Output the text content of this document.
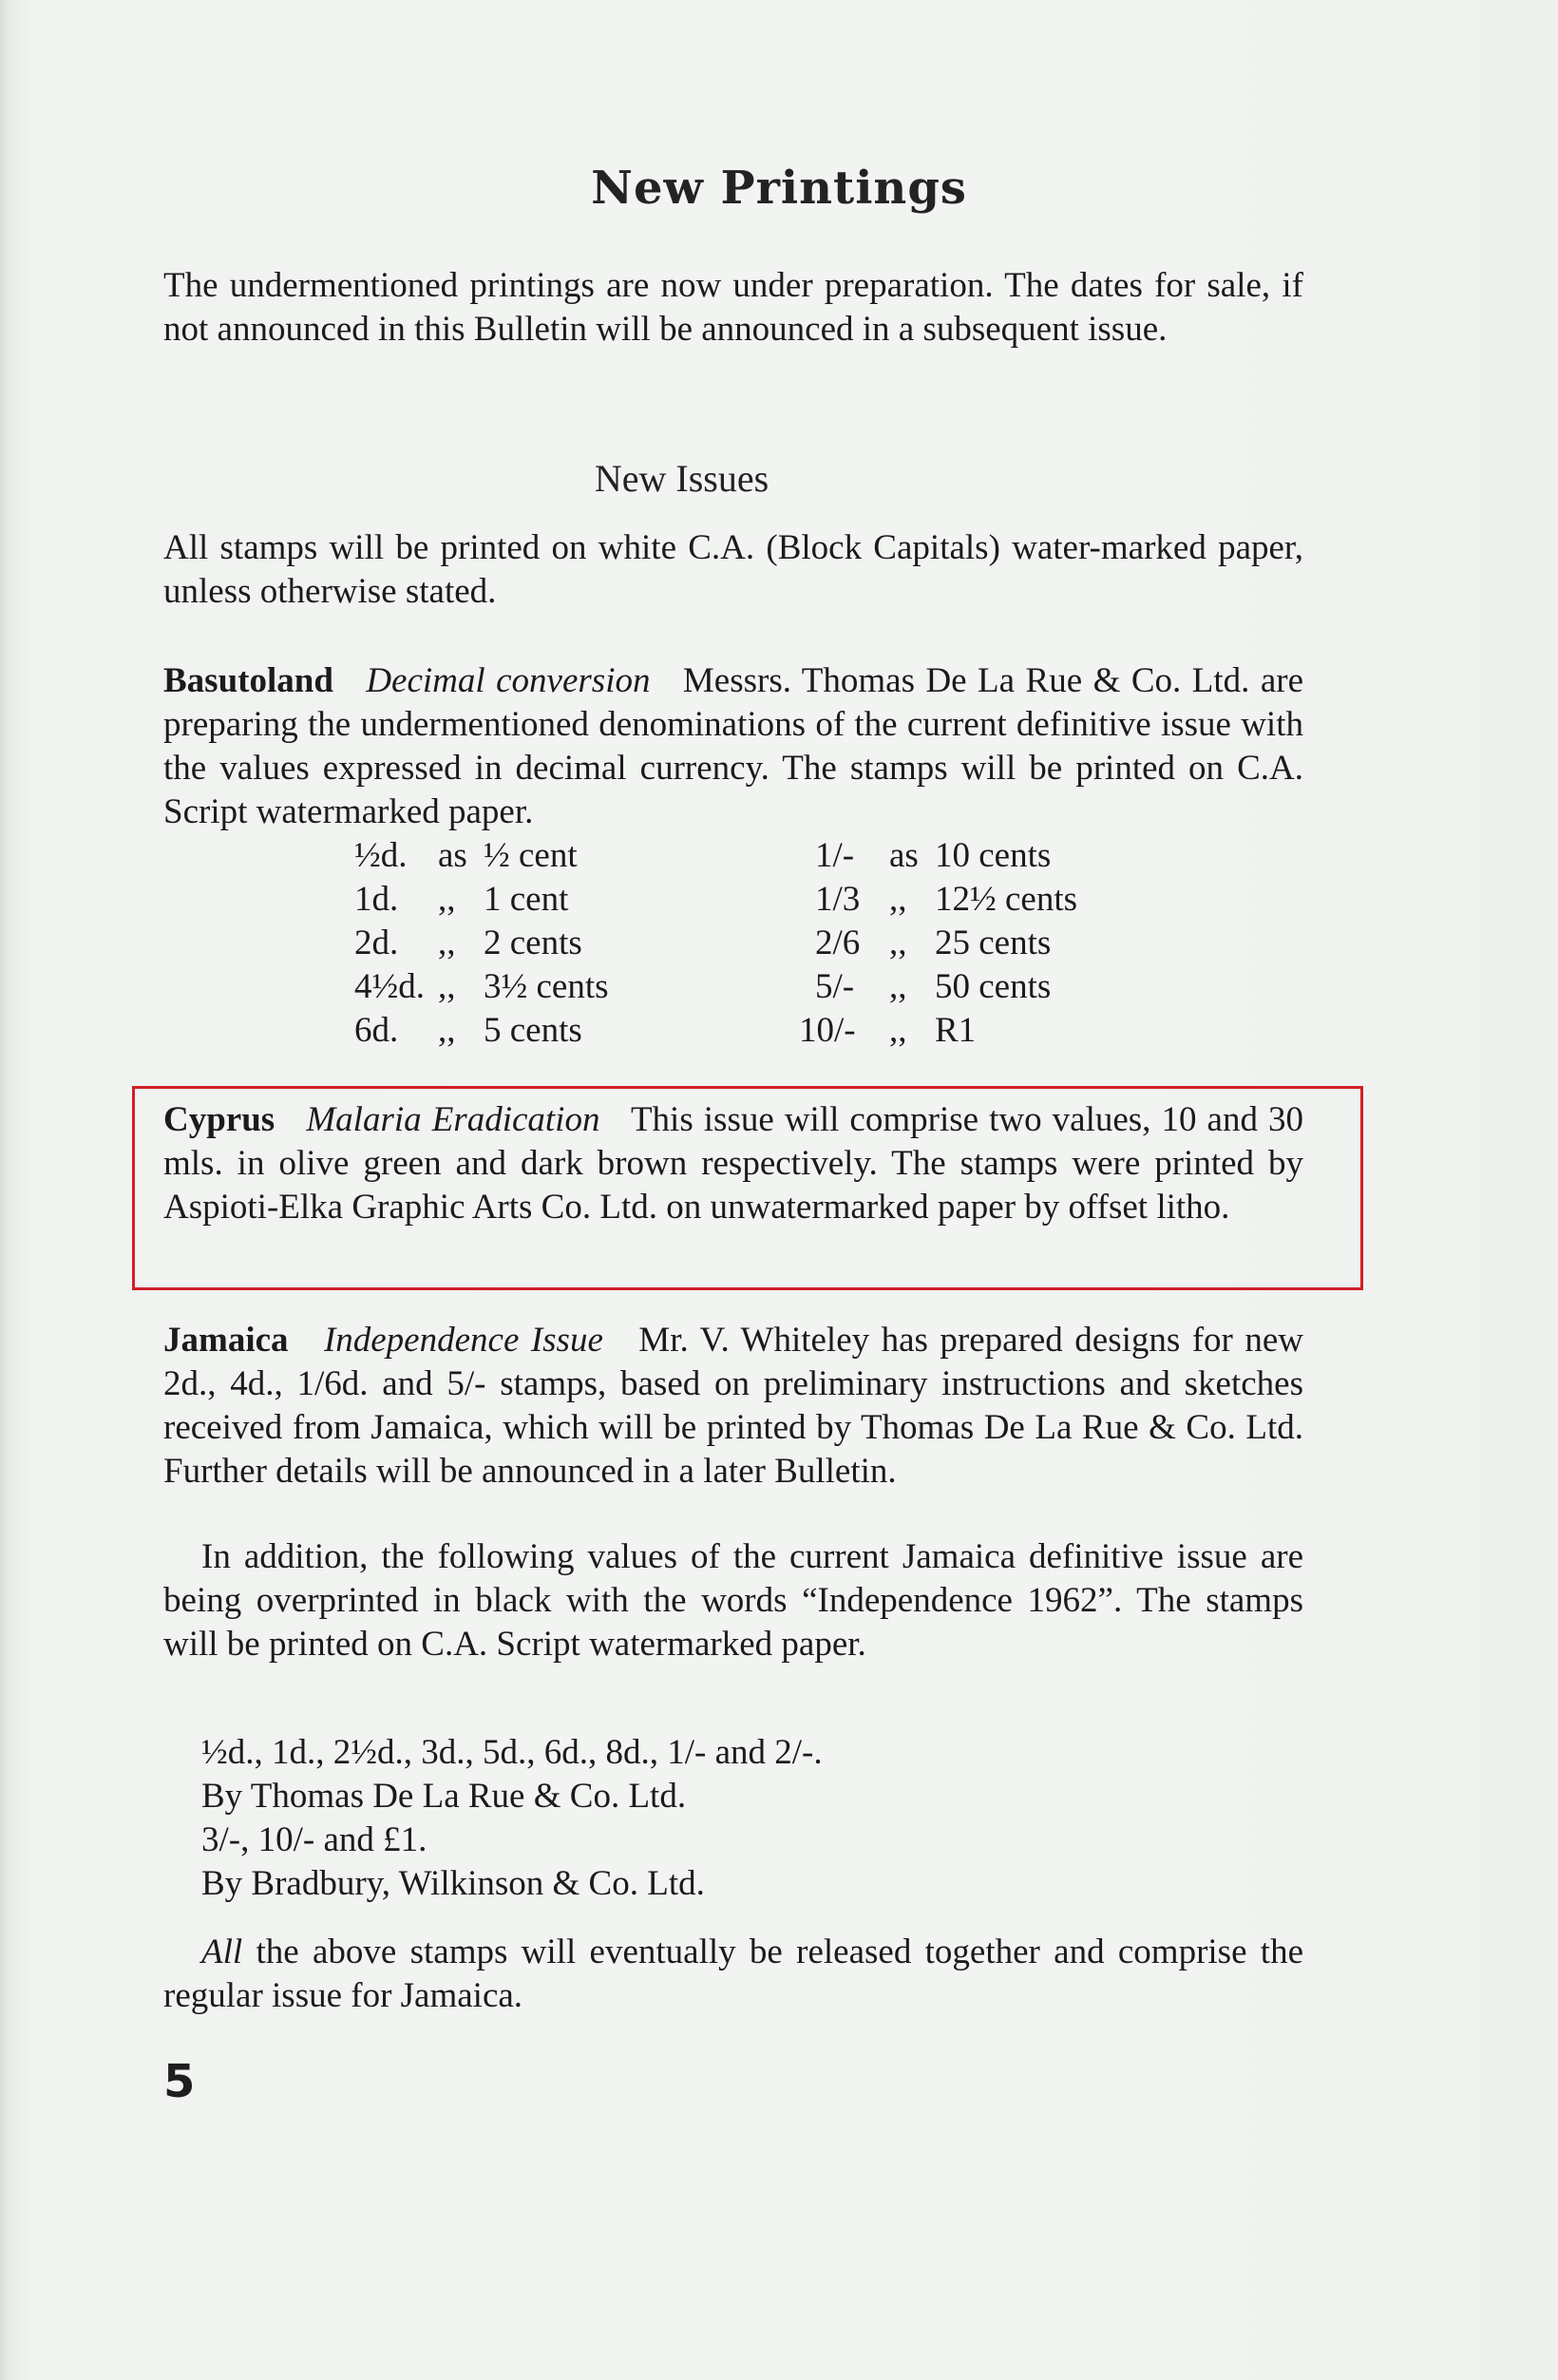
New Printings
The undermentioned printings are now under preparation. The dates for sale, if not announced in this Bulletin will be announced in a subsequent issue.
New Issues
All stamps will be printed on white C.A. (Block Capitals) water-marked paper, unless otherwise stated.
Basutoland Decimal conversion Messrs. Thomas De La Rue & Co. Ltd. are preparing the undermentioned denominations of the current definitive issue with the values expressed in decimal currency. The stamps will be printed on C.A. Script watermarked paper.
½d. as ½ cent
1d. ,, 1 cent
2d. ,, 2 cents
4½d. ,, 3½ cents
6d. ,, 5 cents
1/- as 10 cents
1/3 ,, 12½ cents
2/6 ,, 25 cents
5/- ,, 50 cents
10/- ,, R1
Cyprus Malaria Eradication This issue will comprise two values, 10 and 30 mls. in olive green and dark brown respectively. The stamps were printed by Aspioti-Elka Graphic Arts Co. Ltd. on unwatermarked paper by offset litho.
Jamaica Independence Issue Mr. V. Whiteley has prepared designs for new 2d., 4d., 1/6d. and 5/- stamps, based on preliminary instructions and sketches received from Jamaica, which will be printed by Thomas De La Rue & Co. Ltd. Further details will be announced in a later Bulletin.
In addition, the following values of the current Jamaica definitive issue are being overprinted in black with the words “Independence 1962”. The stamps will be printed on C.A. Script watermarked paper.
½d., 1d., 2½d., 3d., 5d., 6d., 8d., 1/- and 2/-.
By Thomas De La Rue & Co. Ltd.
3/-, 10/- and £1.
By Bradbury, Wilkinson & Co. Ltd.
All the above stamps will eventually be released together and comprise the regular issue for Jamaica.
5
